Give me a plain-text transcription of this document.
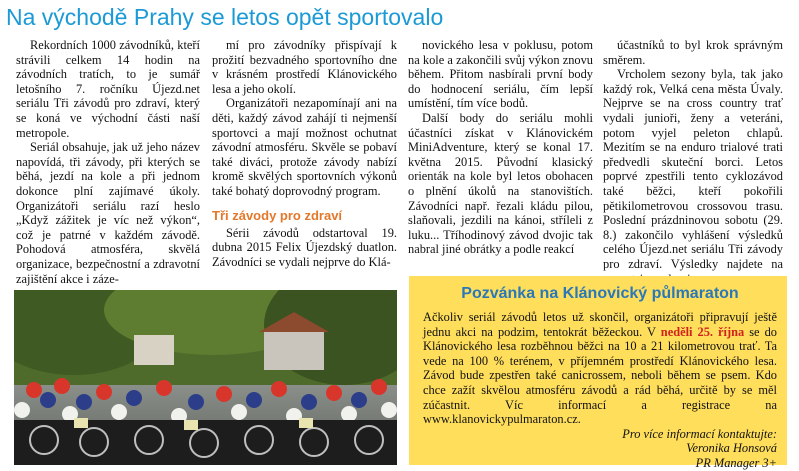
Na východě Prahy se letos opět sportovalo

Rekordních 1000 závodníků, kteří strávili celkem 14 hodin na závodních tratích, to je sumář letošního 7. ročníku Újezd.net seriálu Tři závodů pro zdraví, který se koná ve východní části naší metropole.

Seriál obsahuje, jak už jeho název napovídá, tři závody, při kterých se běhá, jezdí na kole a při jednom dokonce plní zajímavé úkoly. Organizátoři seriálu razí heslo „Když zážitek je víc než výkon“, což je patrné v každém závodě. Pohodová atmosféra, skvělá organizace, bezpečnostní a zdravotní zajištění akce i záze-

mí pro závodníky přispívají k prožití bezvadného sportovního dne v krásném prostředí Klánovického lesa a jeho okolí.

Organizátoři nezapomínají ani na děti, každý závod zahájí ti nejmenší sportovci a mají možnost ochutnat závodní atmosféru. Skvěle se pobaví také diváci, protože závody nabízí kromě skvělých sportovních výkonů také bohatý doprovodný program.

Tři závody pro zdraví

Sérii závodů odstartoval 19. dubna 2015 Felix Újezdský duatlon. Závodníci se vydali nejprve do Klá-

novického lesa v poklusu, potom na kole a zakončili svůj výkon znovu během. Přitom nasbírali první body do hodnocení seriálu, čím lepší umístění, tím více bodů.

Další body do seriálu mohli účastníci získat v Klánovickém MiniAdventure, který se konal 17. května 2015. Původní klasický orienták na kole byl letos obohacen o plnění úkolů na stanovištích. Závodníci např. řezali kládu pilou, slaňovali, jezdili na kánoi, stříleli z luku... Tříhodinový závod dvojic tak nabral jiné obrátky a podle reakcí

účastníků to byl krok správným směrem.

Vrcholem sezony byla, tak jako každý rok, Velká cena města Úvaly. Nejprve se na cross country trať vydali junioři, ženy a veteráni, potom vyjel peleton chlapů. Mezitím se na enduro trialové trati předvedli skuteční borci. Letos poprvé zpestřili tento cyklozávod také běžci, kteří pokořili pětikilometrovou crossovou trasu. Poslední prázdninovou sobotu (29. 8.) zakončilo vyhlášení výsledků celého Újezd.net seriálu Tři závody pro zdraví. Výsledky najdete na

Pozvánka na Klánovický půlmaraton

Ačkoliv seriál závodů letos už skončil, organizátoři připravují ještě jednu akci na podzim, tentokrát běžeckou. V neděli 25. října se do Klánovického lesa rozběhnou běžci na 10 a 21 kilometrovou trať. Ta vede na 100 % terénem, v příjemném prostředí Klánovického lesa. Závod bude zpestřen také canicrossem, neboli během se psem. Kdo chce zažít skvělou atmosféru závodů a rád běhá, určitě by se měl zúčastnit. Víc informací a registrace na www.klanovickypulmaraton.cz.

Pro více informací kontaktujte:

Veronika Honsová

PR Manager 3+
